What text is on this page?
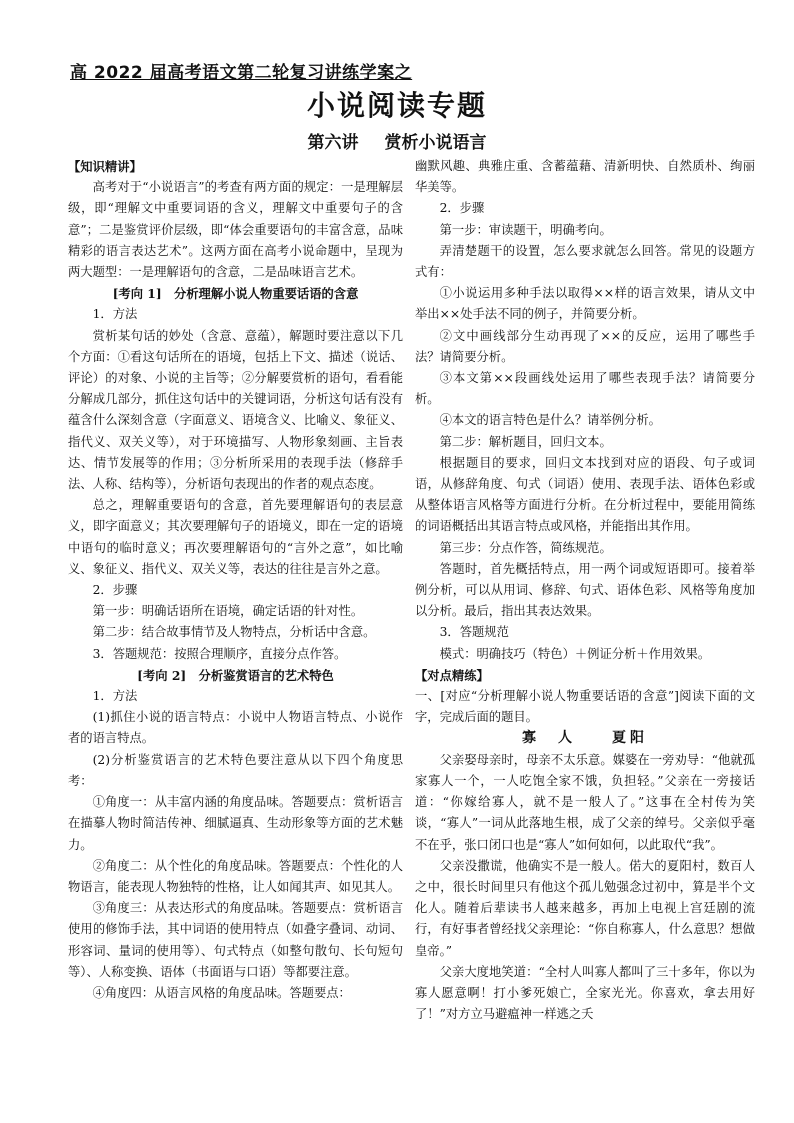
高 2022 届高考语文第二轮复习讲练学案之
小说阅读专题
第六讲 赏析小说语言

【知识精讲】

高考对于“小说语言”的考查有两方面的规定：一是理解层级，即“理解文中重要词语的含义，理解文中重要句子的含意”；二是鉴赏评价层级，即“体会重要语句的丰富含意，品味精彩的语言表达艺术”。这两方面在高考小说命题中，呈现为两大题型：一是理解语句的含意，二是品味语言艺术。

[考向 1]　分析理解小说人物重要话语的含意

1．方法

赏析某句话的妙处（含意、意蕴），解题时要注意以下几个方面：①看这句话所在的语境，包括上下文、描述（说话、评论）的对象、小说的主旨等；②分解要赏析的语句，看看能分解成几部分，抓住这句话中的关键词语，分析这句话有没有蕴含什么深刻含意（字面意义、语境含义、比喻义、象征义、指代义、双关义等），对于环境描写、人物形象刻画、主旨表达、情节发展等的作用；③分析所采用的表现手法（修辞手法、人称、结构等），分析语句表现出的作者的观点态度。

总之，理解重要语句的含意，首先要理解语句的表层意义，即字面意义；其次要理解句子的语境义，即在一定的语境中语句的临时意义；再次要理解语句的“言外之意”，如比喻义、象征义、指代义、双关义等，表达的往往是言外之意。

2．步骤

第一步：明确话语所在语境，确定话语的针对性。

第二步：结合故事情节及人物特点，分析话中含意。

3．答题规范：按照合理顺序，直接分点作答。

[考向 2]　分析鉴赏语言的艺术特色

1．方法

(1)抓住小说的语言特点：小说中人物语言特点、小说作者的语言特点。

(2)分析鉴赏语言的艺术特色要注意从以下四个角度思考：

①角度一：从丰富内涵的角度品味。答题要点：赏析语言在描摹人物时简洁传神、细腻逼真、生动形象等方面的艺术魅力。

②角度二：从个性化的角度品味。答题要点：个性化的人物语言，能表现人物独特的性格，让人如闻其声、如见其人。

③角度三：从表达形式的角度品味。答题要点：赏析语言使用的修饰手法，其中词语的使用特点（如叠字叠词、动词、形容词、量词的使用等）、句式特点（如整句散句、长句短句等）、人称变换、语体（书面语与口语）等都要注意。

④角度四：从语言风格的角度品味。答题要点：

幽默风趣、典雅庄重、含蓄蕴藉、清新明快、自然质朴、绚丽华美等。

2．步骤

第一步：审读题干，明确考向。

弄清楚题干的设置，怎么要求就怎么回答。常见的设题方式有：

①小说运用多种手法以取得××样的语言效果，请从文中举出××处手法不同的例子，并简要分析。

②文中画线部分生动再现了××的反应，运用了哪些手法？请简要分析。

③本文第××段画线处运用了哪些表现手法？请简要分析。

④本文的语言特色是什么？请举例分析。

第二步：解析题目，回归文本。

根据题目的要求，回归文本找到对应的语段、句子或词语，从修辞角度、句式（词语）使用、表现手法、语体色彩或从整体语言风格等方面进行分析。在分析过程中，要能用简练的词语概括出其语言特点或风格，并能指出其作用。

第三步：分点作答，简练规范。

答题时，首先概括特点，用一两个词或短语即可。接着举例分析，可以从用词、修辞、句式、语体色彩、风格等角度加以分析。最后，指出其表达效果。

3．答题规范

模式：明确技巧（特色）＋例证分析＋作用效果。

【对点精练】

一、[对应“分析理解小说人物重要话语的含意”]阅读下面的文字，完成后面的题目。

寡　人	夏阳

父亲娶母亲时，母亲不太乐意。媒婆在一旁劝导：“他就孤家寡人一个，一人吃饱全家不饿，负担轻。”父亲在一旁接话道：“你嫁给寡人，就不是一般人了。”这事在全村传为笑谈，“寡人”一词从此落地生根，成了父亲的绰号。父亲似乎毫不在乎，张口闭口也是“寡人”如何如何，以此取代“我”。

父亲没撒谎，他确实不是一般人。偌大的夏阳村，数百人之中，很长时间里只有他这个孤儿勉强念过初中，算是半个文化人。随着后辈读书人越来越多，再加上电视上宫廷剧的流行，有好事者曾经找父亲理论：“你自称寡人，什么意思？想做皇帝。”

父亲大度地笑道：“全村人叫寡人都叫了三十多年，你以为寡人愿意啊！打小爹死娘亡，全家光光。你喜欢，拿去用好了！”对方立马避瘟神一样逃之夭
